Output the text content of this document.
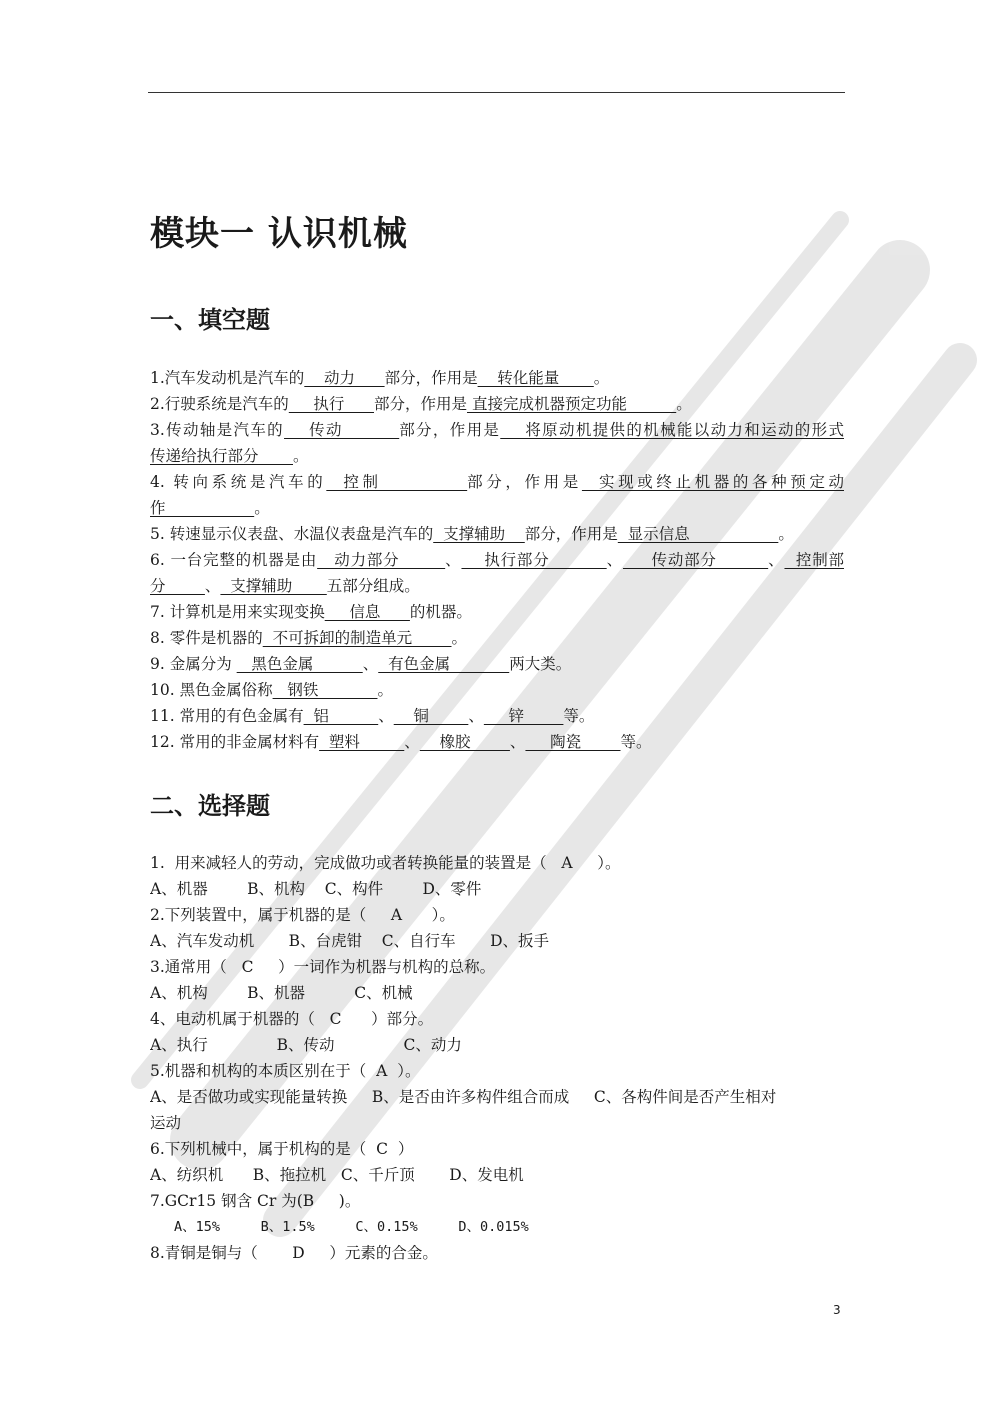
模块一 认识机械
一、填空题
1.汽车发动机是汽车的    动力      部分，作用是    转化能量       。
2.行驶系统是汽车的     执行      部分，作用是 直接完成机器预定功能          。
3.传动轴是汽车的    传动         部分，作用是    将原动机提供的机械能以动力和运动的形式
传递给执行部分       。
4. 转向系统是汽车的  控制          部分，作用是  实现或终止机器的各种预定动
作                  。
5. 转速显示仪表盘、水温仪表盘是汽车的  支撑辅助    部分，作用是  显示信息                  。
6. 一台完整的机器是由   动力部分        、    执行部分          、     传动部分         、  控制部
分        、  支撑辅助       五部分组成。
7. 计算机是用来实现变换     信息      的机器。
8. 零件是机器的  不可拆卸的制造单元        。
9. 金属分为    黑色金属          、  有色金属            两大类。
10. 黑色金属俗称   钢铁            。
11. 常用的有色金属有  铝          、    铜        、     锌        等。
12. 常用的非金属材料有  塑料         、    橡胶        、     陶瓷        等。
二、选择题
1.  用来减轻人的劳动，完成做功或者转换能量的装置是（   A     ）。
A、机器        B、机构    C、构件        D、零件
2.下列装置中，属于机器的是（     A      ）。
A、汽车发动机       B、台虎钳    C、自行车       D、扳手
3.通常用（   C     ）一词作为机器与机构的总称。
A、机构        B、机器          C、机械
4、电动机属于机器的（   C      ）部分。
A、执行              B、传动              C、动力
5.机器和机构的本质区别在于（  A  ）。
A、是否做功或实现能量转换     B、是否由许多构件组合而成     C、各构件间是否产生相对
运动
6.下列机械中，属于机构的是（  C  ）
A、纺织机      B、拖拉机   C、千斤顶       D、发电机
7.GCr15 钢含 Cr 为(B     )。
A、15%     B、1.5%     C、0.15%     D、0.015%
8.青铜是铜与（       D     ）元素的合金。
3
